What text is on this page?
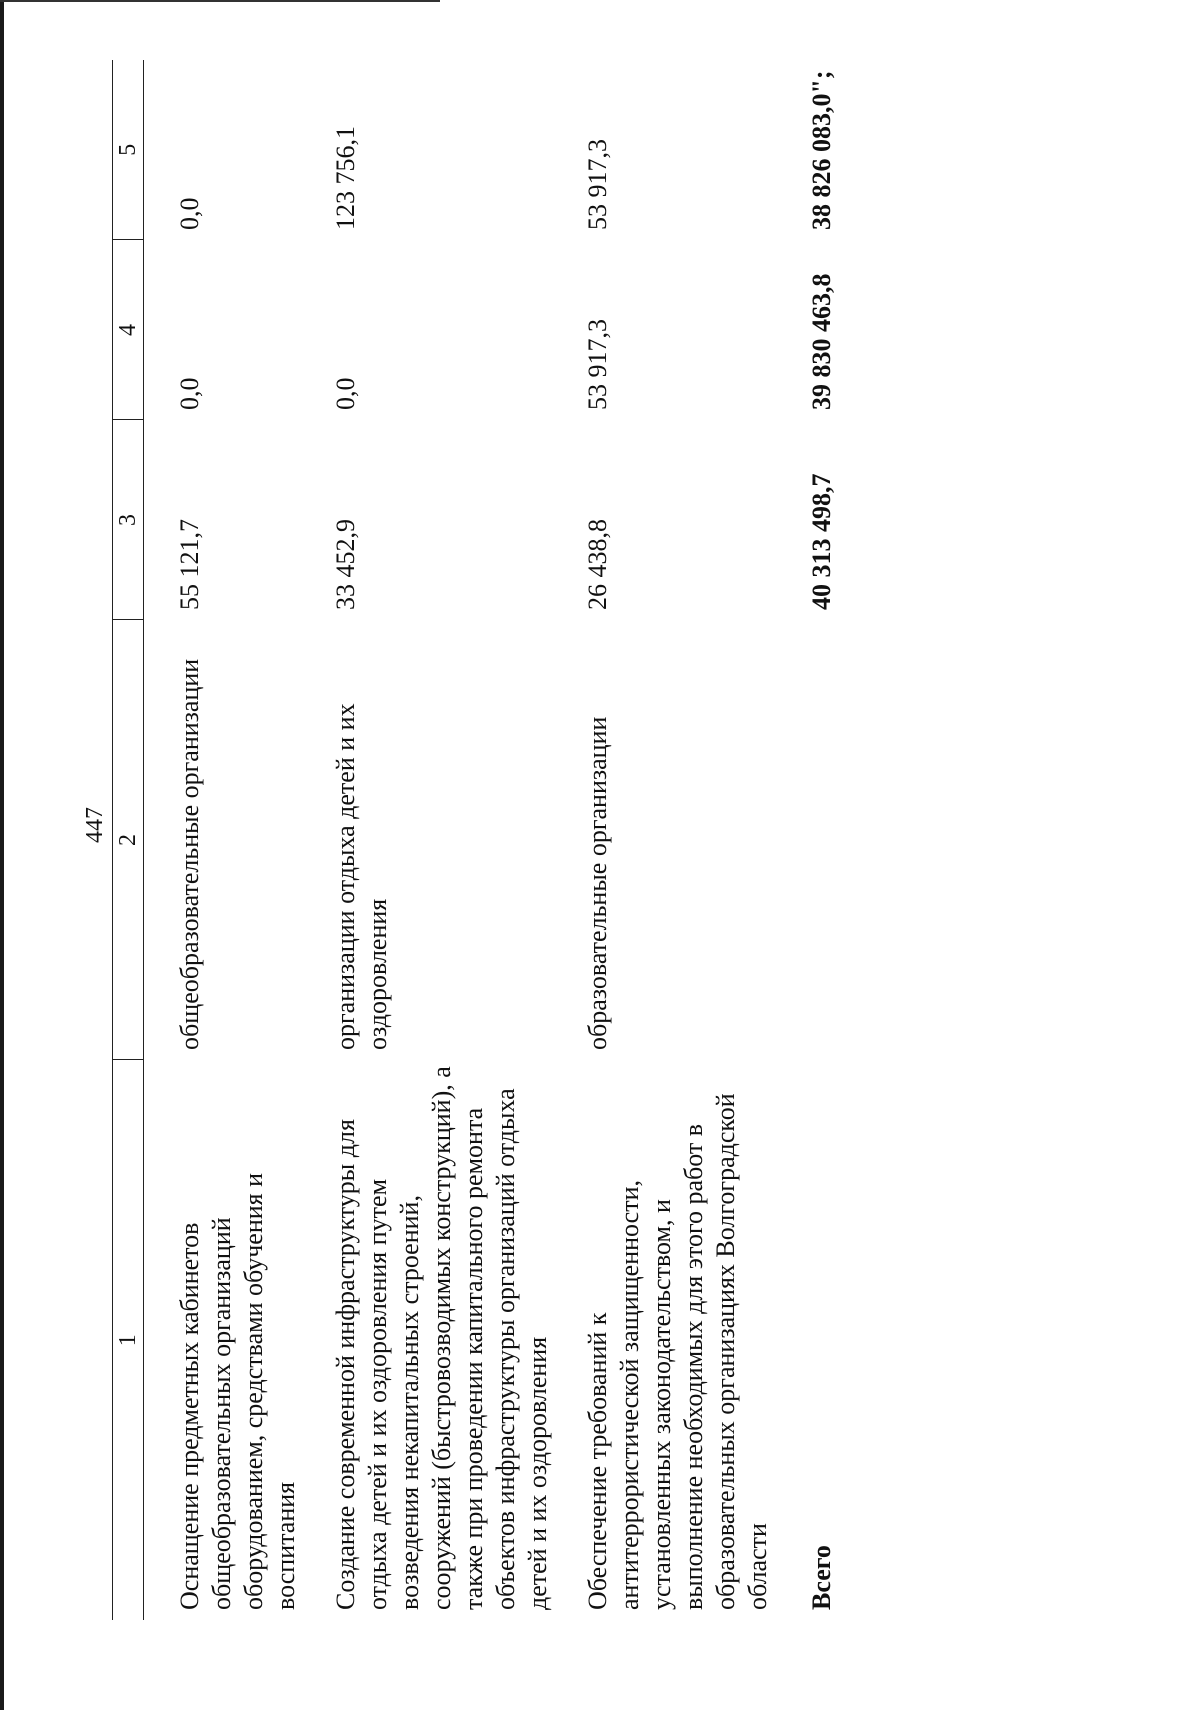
447
1	2	3	4	5
Оснащение предметных кабинетов общеобразовательных организаций оборудованием, средствами обучения и воспитания	общеобразовательные организации	55 121,7	0,0	0,0
Создание современной инфраструктуры для отдыха детей и их оздоровления путем возведения некапитальных строений, сооружений (быстровозводимых конструкций), а также при проведении капитального ремонта объектов инфраструктуры организаций отдыха детей и их оздоровления	организации отдыха детей и их оздоровления	33 452,9	0,0	123 756,1
Обеспечение требований к антитеррористической защищенности, установленных законодательством, и выполнение необходимых для этого работ в образовательных организациях Волгоградской области	образовательные организации	26 438,8	53 917,3	53 917,3
Всего		40 313 498,7	39 830 463,8	38 826 083,0";
